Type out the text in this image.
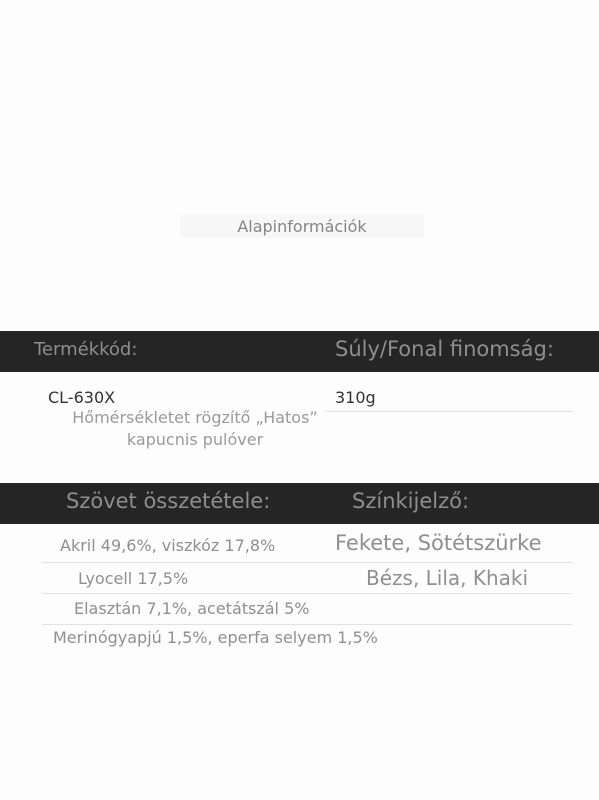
Alapinformációk
Termékkód:	Súly/Fonal finomság:
CL-630X
Hőmérsékletet rögzítő „Hatos” kapucnis pulóver
310g
Szövet összetétele:	Színkijelző:
Akril 49,6%, viszkóz 17,8%
Lyocell 17,5%
Elasztán 7,1%, acetátszál 5%
Merinógyapjú 1,5%, eperfa selyem 1,5%
Fekete, Sötétszürke
Bézs, Lila, Khaki
